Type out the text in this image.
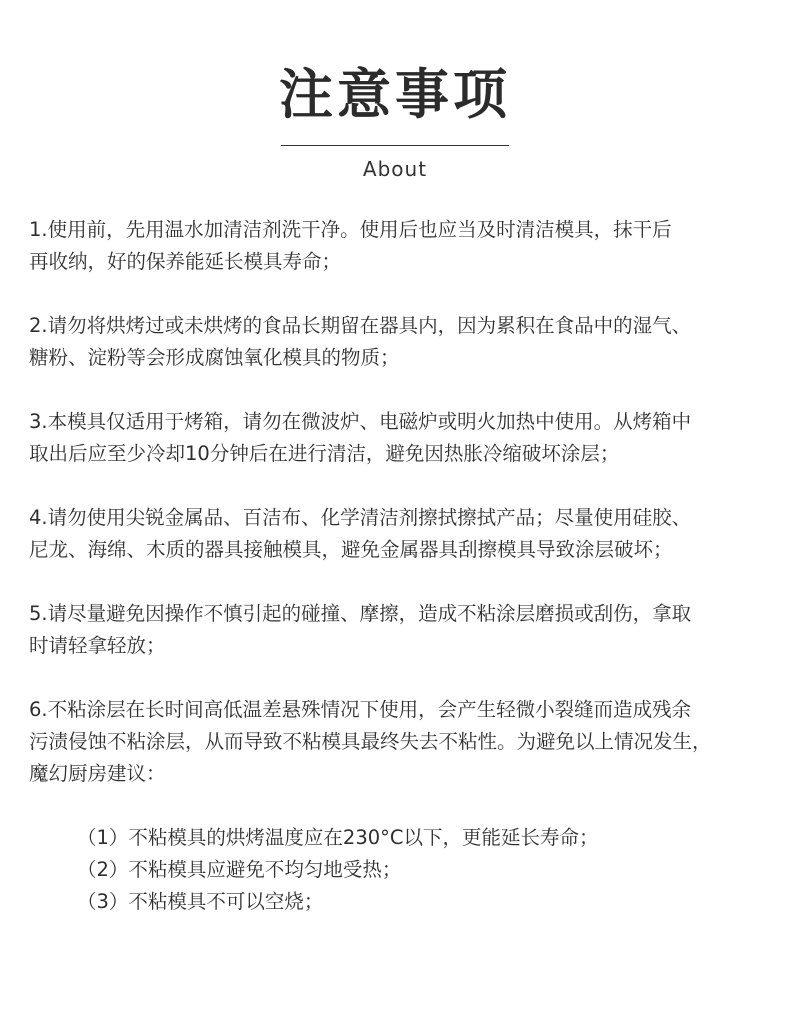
注意事项
About
1.使用前，先用温水加清洁剂洗干净。使用后也应当及时清洁模具，抹干后
再收纳，好的保养能延长模具寿命；
2.请勿将烘烤过或未烘烤的食品长期留在器具内，因为累积在食品中的湿气、
糖粉、淀粉等会形成腐蚀氧化模具的物质；
3.本模具仅适用于烤箱，请勿在微波炉、电磁炉或明火加热中使用。从烤箱中
取出后应至少冷却10分钟后在进行清洁，避免因热胀冷缩破坏涂层；
4.请勿使用尖锐金属品、百洁布、化学清洁剂擦拭擦拭产品；尽量使用硅胶、
尼龙、海绵、木质的器具接触模具，避免金属器具刮擦模具导致涂层破坏；
5.请尽量避免因操作不慎引起的碰撞、摩擦，造成不粘涂层磨损或刮伤，拿取
时请轻拿轻放；
6.不粘涂层在长时间高低温差悬殊情况下使用，会产生轻微小裂缝而造成残余
污渍侵蚀不粘涂层，从而导致不粘模具最终失去不粘性。为避免以上情况发生，
魔幻厨房建议：
（1）不粘模具的烘烤温度应在230°C以下，更能延长寿命；
（2）不粘模具应避免不均匀地受热；
（3）不粘模具不可以空烧；
